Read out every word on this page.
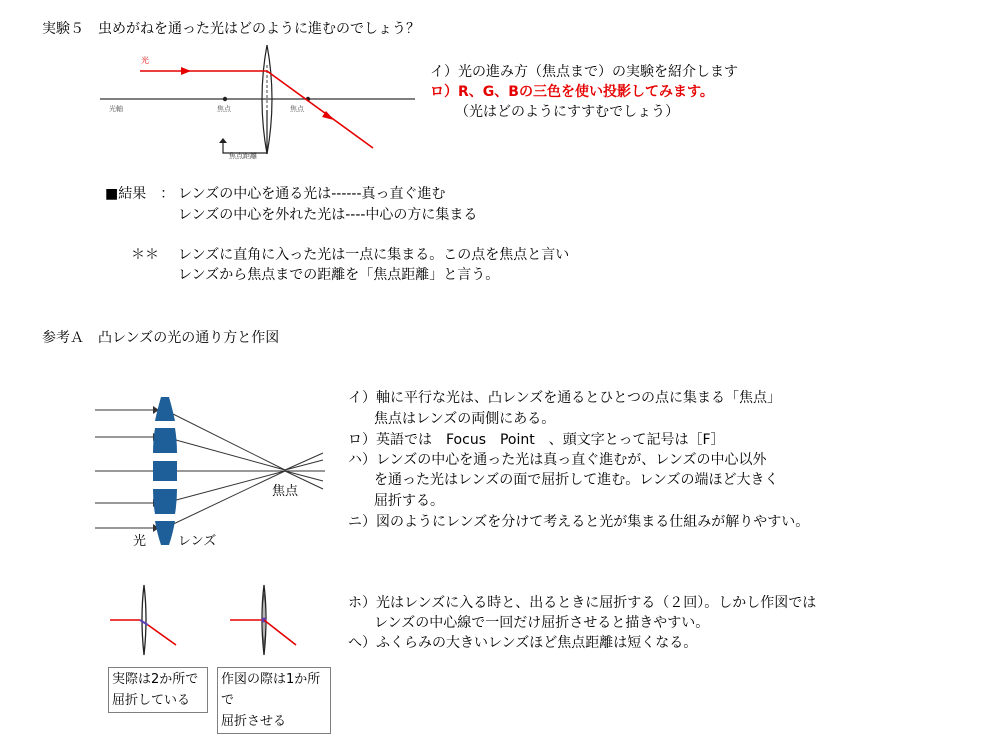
実験５　虫めがねを通った光はどのように進むのでしょう？
光
光軸	焦点	焦点
焦点距離
イ）光の進み方（焦点まで）の実験を紹介します
ロ）R、G、Bの三色を使い投影してみます。
（光はどのようにすすむでしょう）
■結果　： レンズの中心を通る光は------真っ直ぐ進む
レンズの中心を外れた光は----中心の方に集まる
＊＊ レンズに直角に入った光は一点に集まる。この点を焦点と言い
レンズから焦点までの距離を「焦点距離」と言う。
参考Ａ　凸レンズの光の通り方と作図
焦点
光 レンズ
イ）軸に平行な光は、凸レンズを通るとひとつの点に集まる「焦点」
焦点はレンズの両側にある。
ロ）英語では　Focus　Point　、頭文字とって記号は［F］
ハ）レンズの中心を通った光は真っ直ぐ進むが、レンズの中心以外
を通った光はレンズの面で屈折して進む。レンズの端ほど大きく
屈折する。
ニ）図のようにレンズを分けて考えると光が集まる仕組みが解りやすい。
実際は2か所で
屈折している
作図の際は1か所で
屈折させる
ホ）光はレンズに入る時と、出るときに屈折する（２回）。しかし作図では
レンズの中心線で一回だけ屈折させると描きやすい。
へ）ふくらみの大きいレンズほど焦点距離は短くなる。
